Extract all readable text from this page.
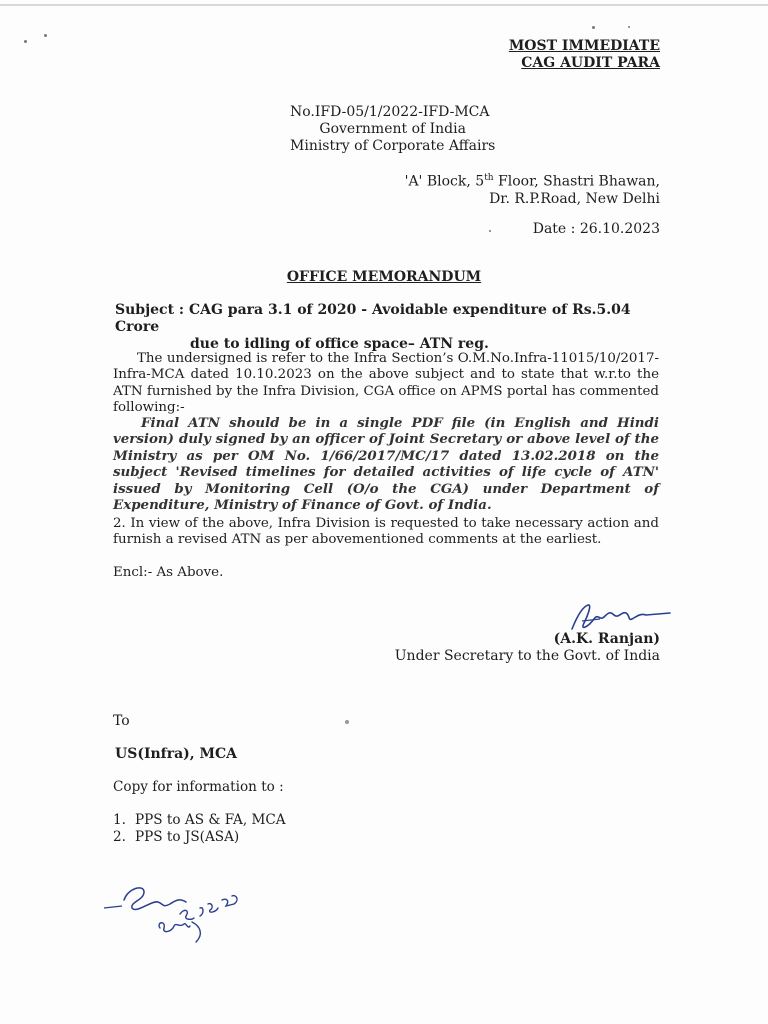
MOST IMMEDIATE
CAG AUDIT PARA
No.IFD-05/1/2022-IFD-MCA
Government of India
Ministry of Corporate Affairs
'A' Block, 5th Floor, Shastri Bhawan,
Dr. R.P.Road, New Delhi
Date : 26.10.2023
OFFICE MEMORANDUM
Subject : CAG para 3.1 of 2020 - Avoidable expenditure of Rs.5.04 Crore
due to idling of office space– ATN reg.
The undersigned is refer to the Infra Section’s O.M.No.Infra-11015/10/2017-Infra-MCA dated 10.10.2023 on the above subject and to state that w.r.to the ATN furnished by the Infra Division, CGA office on APMS portal has commented following:-
Final ATN should be in a single PDF file (in English and Hindi version) duly signed by an officer of Joint Secretary or above level of the Ministry as per OM No. 1/66/2017/MC/17 dated 13.02.2018 on the subject 'Revised timelines for detailed activities of life cycle of ATN' issued by Monitoring Cell (O/o the CGA) under Department of Expenditure, Ministry of Finance of Govt. of India.
2. In view of the above, Infra Division is requested to take necessary action and furnish a revised ATN as per abovementioned comments at the earliest.
Encl:- As Above.
(A.K. Ranjan)
Under Secretary to the Govt. of India
To
US(Infra), MCA
Copy for information to :
1. PPS to AS & FA, MCA
2. PPS to JS(ASA)
